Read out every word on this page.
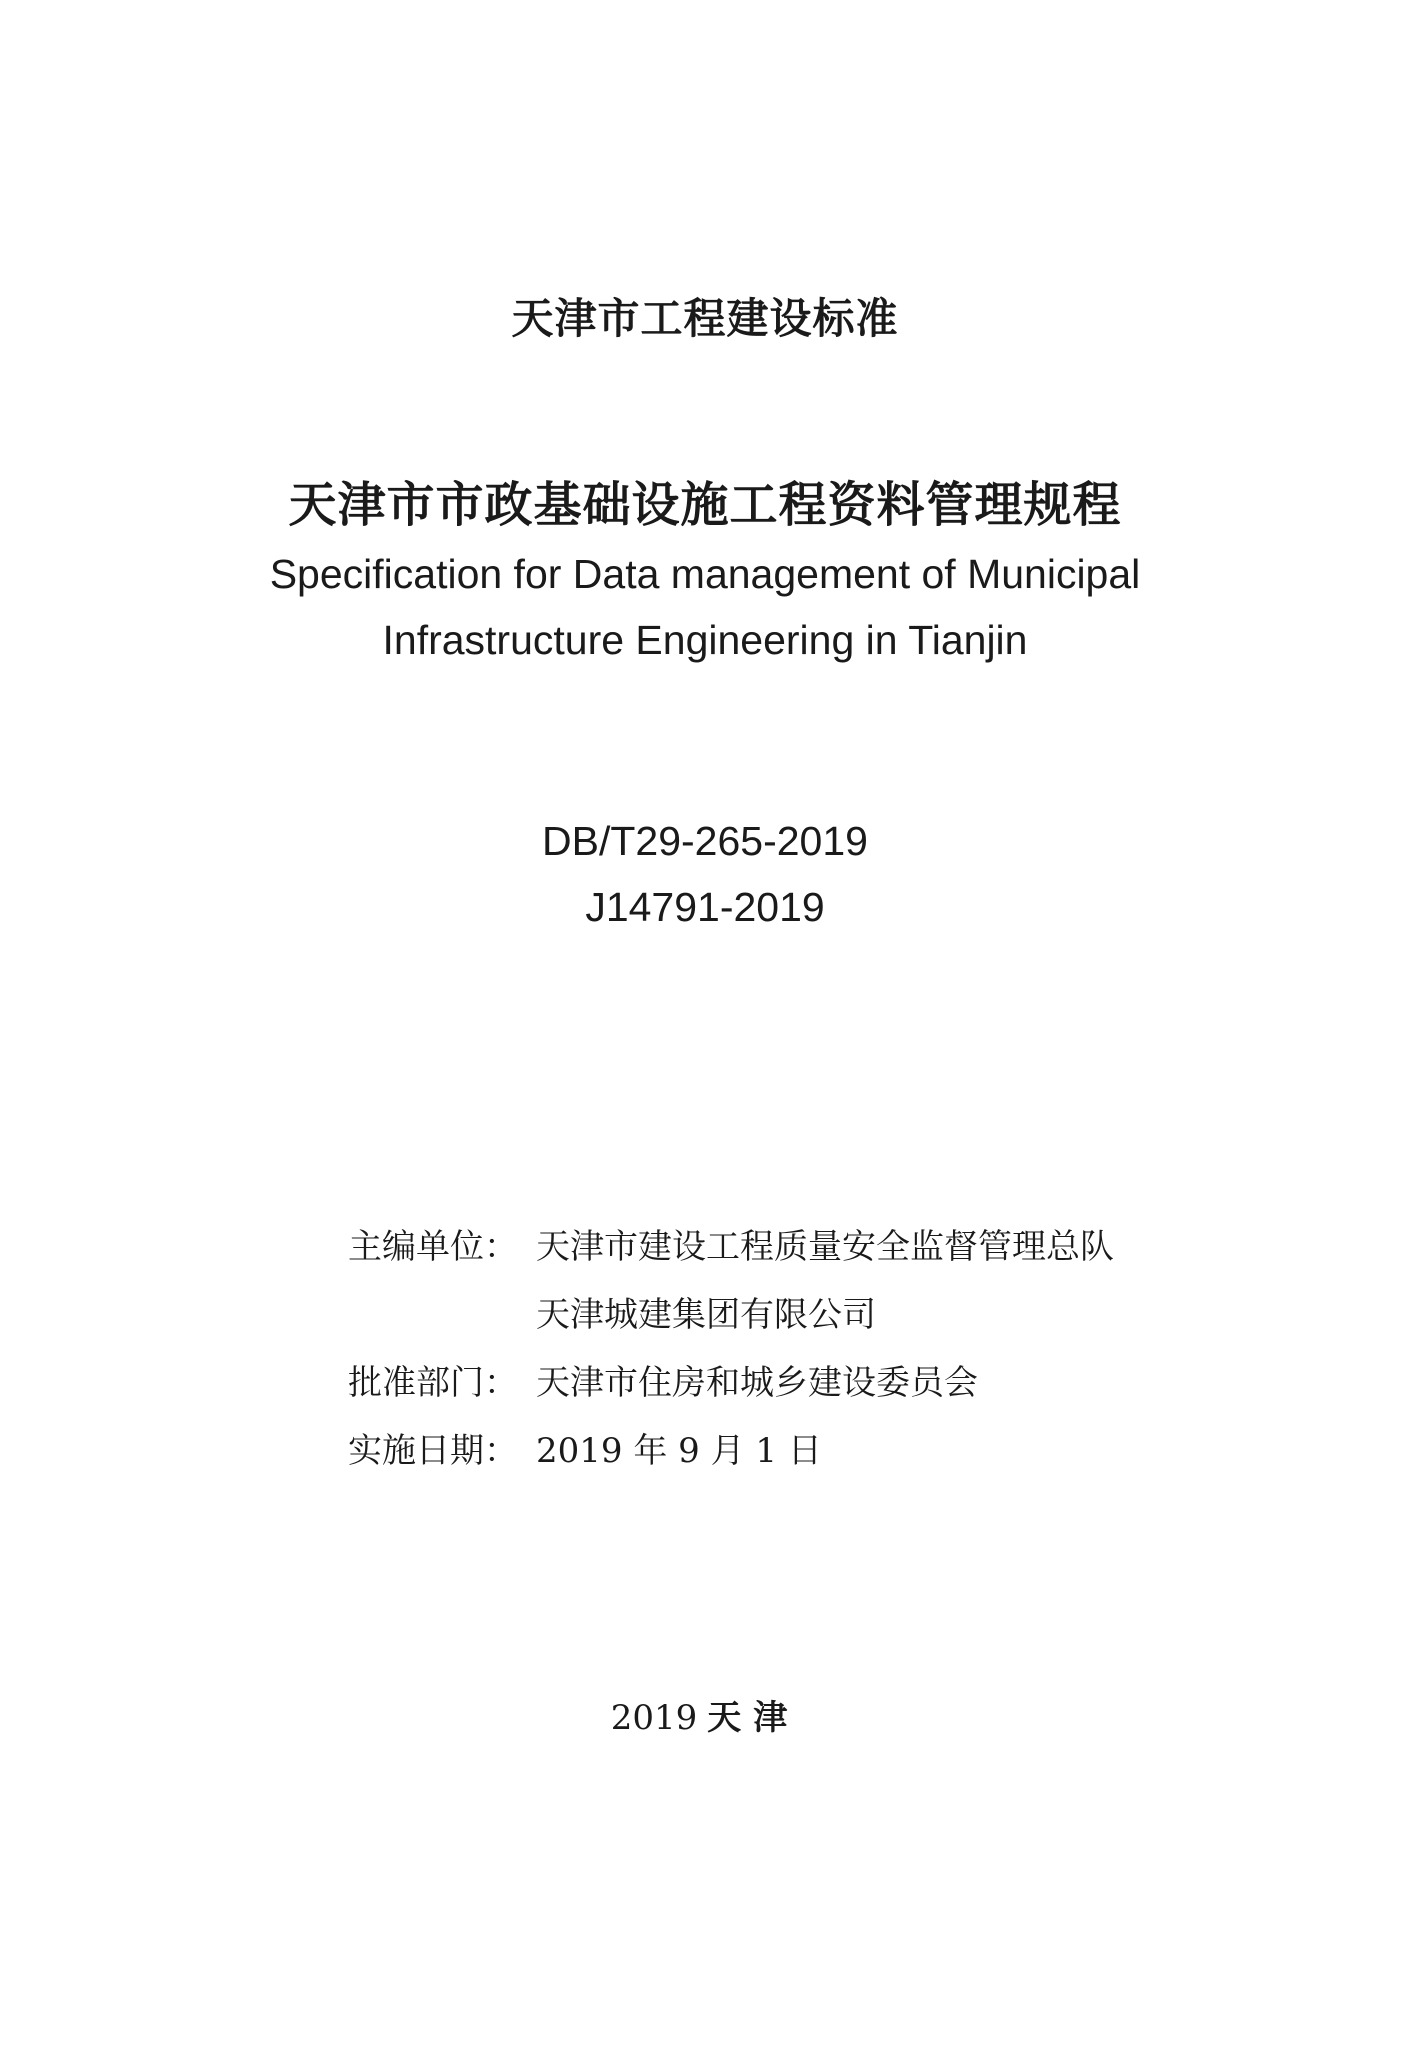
天津市工程建设标准
天津市市政基础设施工程资料管理规程
Specification for Data management of Municipal
Infrastructure Engineering in Tianjin
DB/T29-265-2019
J14791-2019
主编单位： 天津市建设工程质量安全监督管理总队
天津城建集团有限公司
批准部门： 天津市住房和城乡建设委员会
实施日期： 2019 年 9 月 1 日
2019 天津
